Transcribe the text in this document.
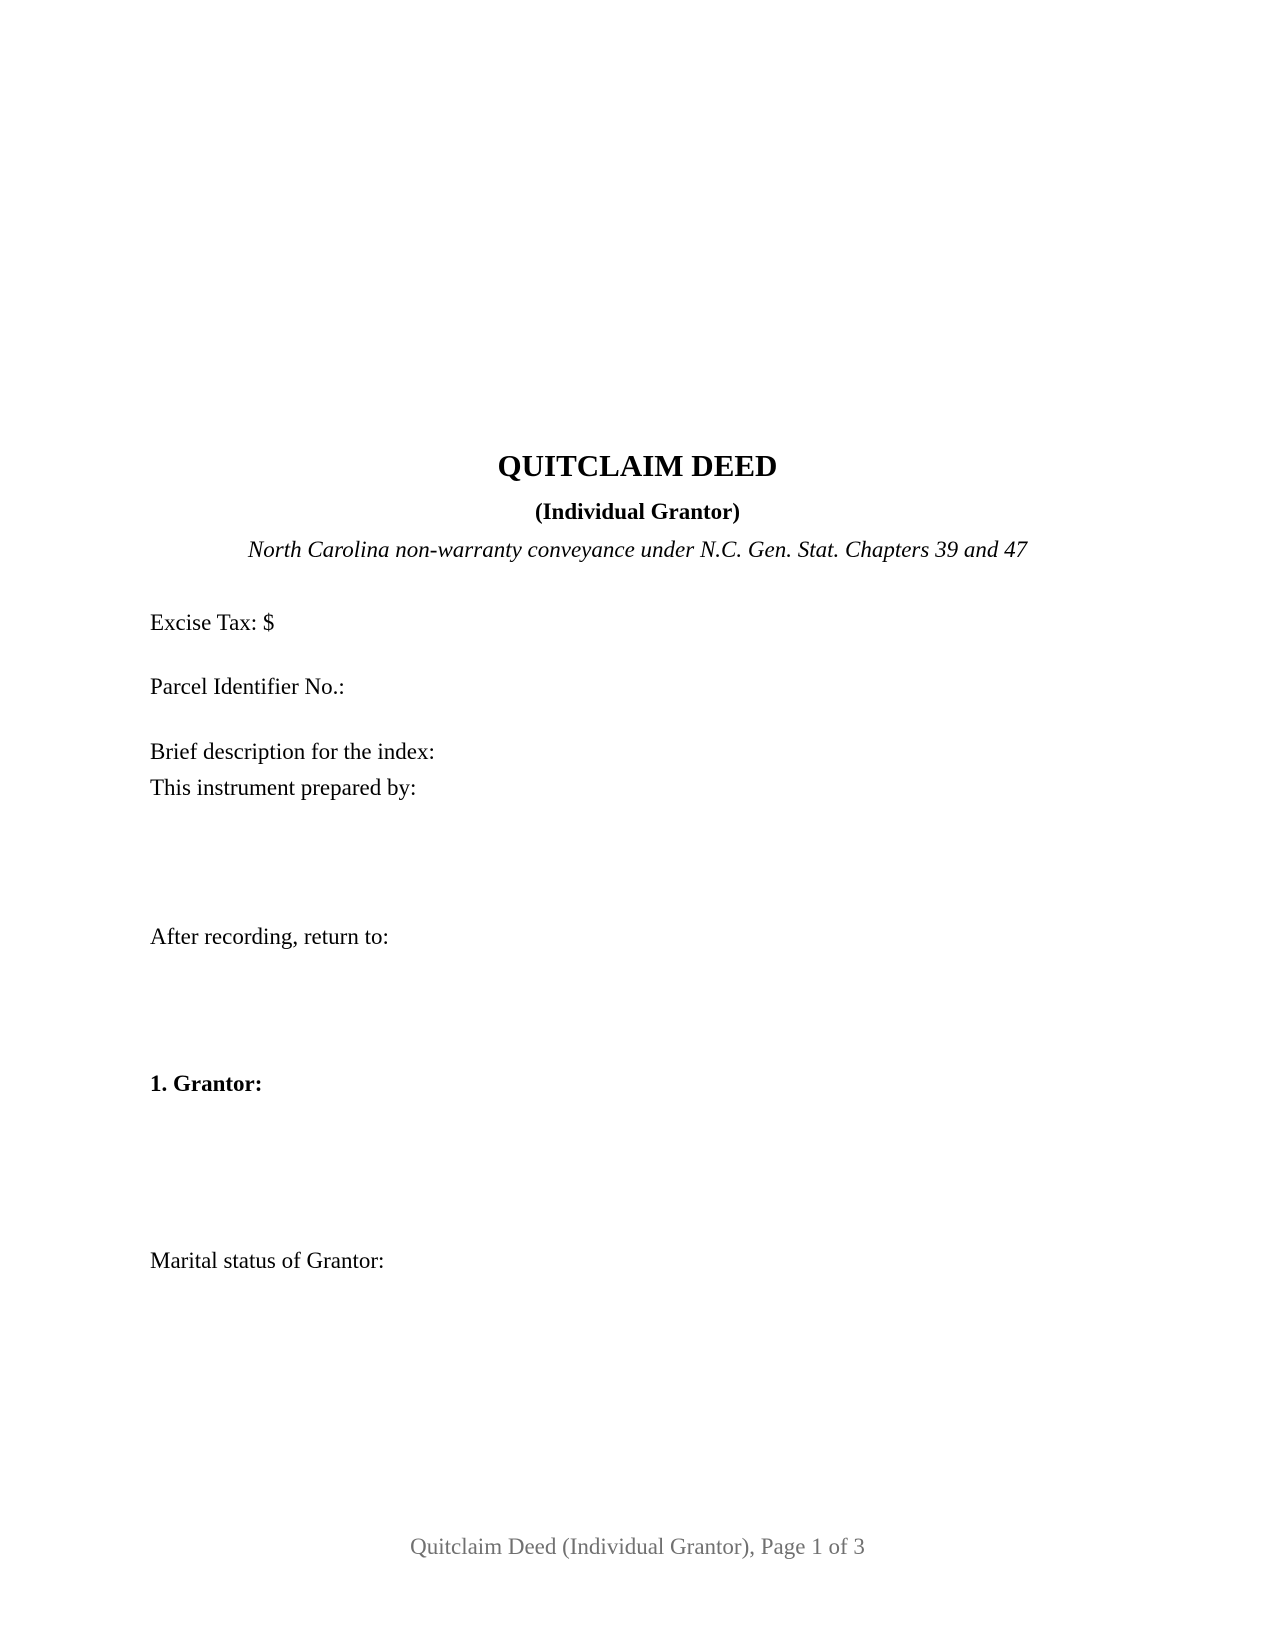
QUITCLAIM DEED
(Individual Grantor)
North Carolina non-warranty conveyance under N.C. Gen. Stat. Chapters 39 and 47
Excise Tax: $
Parcel Identifier No.:
Brief description for the index:
This instrument prepared by:
After recording, return to:
1. Grantor:
Marital status of Grantor:
Quitclaim Deed (Individual Grantor), Page 1 of 3
